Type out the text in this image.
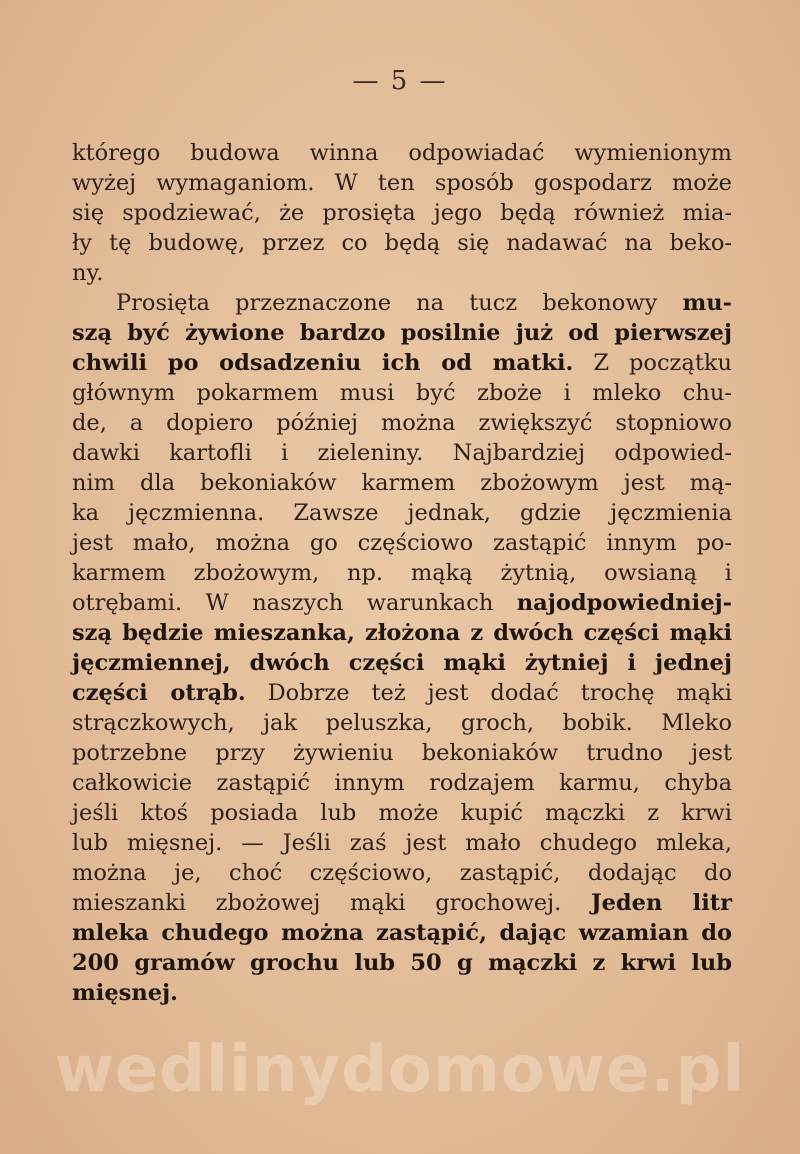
— 5 —
którego budowa winna odpowiadać wymienionym
wyżej wymaganiom. W ten sposób gospodarz może
się spodziewać, że prosięta jego będą również mia-
ły tę budowę, przez co będą się nadawać na beko-
ny.
Prosięta przeznaczone na tucz bekonowy mu-
szą być żywione bardzo posilnie już od pierwszej
chwili po odsadzeniu ich od matki. Z początku
głównym pokarmem musi być zboże i mleko chu-
de, a dopiero później można zwiększyć stopniowo
dawki kartofli i zieleniny. Najbardziej odpowied-
nim dla bekoniaków karmem zbożowym jest mą-
ka jęczmienna. Zawsze jednak, gdzie jęczmienia
jest mało, można go częściowo zastąpić innym po-
karmem zbożowym, np. mąką żytnią, owsianą i
otrębami. W naszych warunkach najodpowiedniej-
szą będzie mieszanka, złożona z dwóch części mąki
jęczmiennej, dwóch części mąki żytniej i jednej
części otrąb. Dobrze też jest dodać trochę mąki
strączkowych, jak peluszka, groch, bobik. Mleko
potrzebne przy żywieniu bekoniaków trudno jest
całkowicie zastąpić innym rodzajem karmu, chyba
jeśli ktoś posiada lub może kupić mączki z krwi
lub mięsnej. — Jeśli zaś jest mało chudego mleka,
można je, choć częściowo, zastąpić, dodając do
mieszanki zbożowej mąki grochowej. Jeden litr
mleka chudego można zastąpić, dając wzamian do
200 gramów grochu lub 50 g mączki z krwi lub
mięsnej.
wedlinydomowe.pl
